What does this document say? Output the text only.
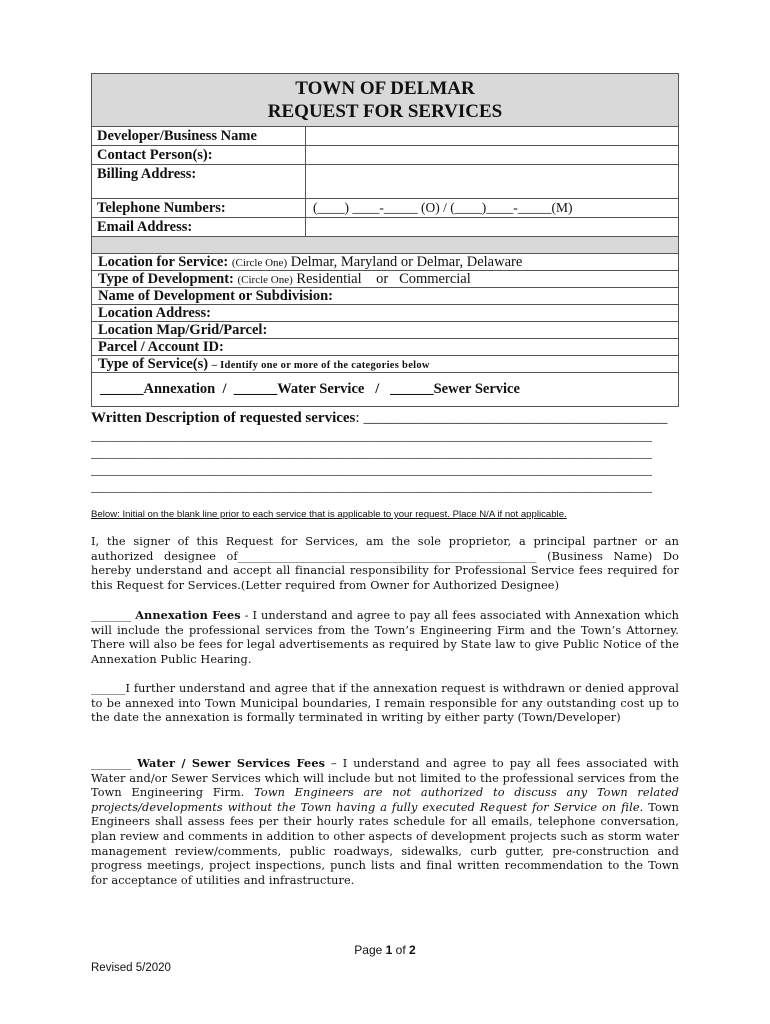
TOWN OF DELMAR
REQUEST FOR SERVICES
Developer/Business Name
Contact Person(s):
Billing Address:
Telephone Numbers:	(____) ____-_____ (O) / (____)____-_____(M)
Email Address:
Location for Service: (Circle One) Delmar, Maryland or Delmar, Delaware
Type of Development: (Circle One) Residential    or   Commercial
Name of Development or Subdivision:
Location Address:
Location Map/Grid/Parcel:
Parcel / Account ID:
Type of Service(s) – Identify one or more of the categories below
______Annexation  /  ______Water Service   /   ______Sewer Service
Written Description of requested services: ________________________________________
_____________________________________________________________________________________
_____________________________________________________________________________________
_____________________________________________________________________________________
_____________________________________________________________________________________
Below: Initial on the blank line prior to each service that is applicable to your request. Place N/A if not applicable.
I, the signer of this Request for Services, am the sole proprietor, a principal partner or an authorized designee of____________________________________________________ (Business Name) Do hereby understand and accept all financial responsibility for Professional Service fees required for this Request for Services.(Letter required from Owner for Authorized Designee)
_______ Annexation Fees - I understand and agree to pay all fees associated with Annexation which will include the professional services from the Town’s Engineering Firm and the Town’s Attorney. There will also be fees for legal advertisements as required by State law to give Public Notice of the Annexation Public Hearing.
______I further understand and agree that if the annexation request is withdrawn or denied approval to be annexed into Town Municipal boundaries, I remain responsible for any outstanding cost up to the date the annexation is formally terminated in writing by either party (Town/Developer)
_______ Water / Sewer Services Fees – I understand and agree to pay all fees associated with Water and/or Sewer Services which will include but not limited to the professional services from the Town Engineering Firm. Town Engineers are not authorized to discuss any Town related projects/developments without the Town having a fully executed Request for Service on file. Town Engineers shall assess fees per their hourly rates schedule for all emails, telephone conversation, plan review and comments in addition to other aspects of development projects such as storm water management review/comments, public roadways, sidewalks, curb gutter, pre-construction and progress meetings, project inspections, punch lists and final written recommendation to the Town for acceptance of utilities and infrastructure.
Page 1 of 2
Revised 5/2020
